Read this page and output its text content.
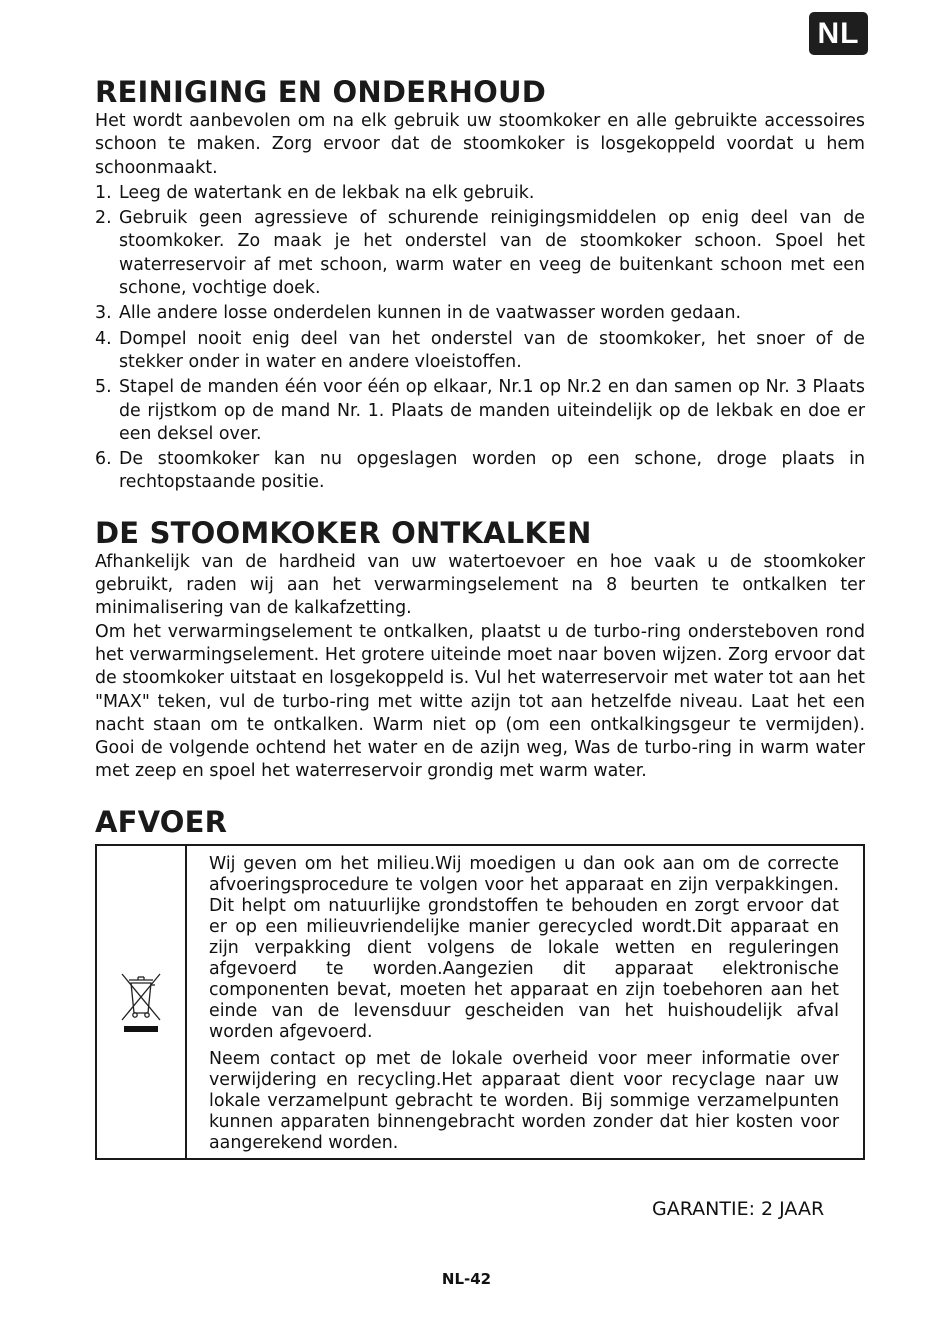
NL
REINIGING EN ONDERHOUD

Het wordt aanbevolen om na elk gebruik uw stoomkoker en alle gebruikte accessoires schoon te maken. Zorg ervoor dat de stoomkoker is losgekoppeld voordat u hem schoonmaakt.

1. Leeg de watertank en de lekbak na elk gebruik.
2. Gebruik geen agressieve of schurende reinigingsmiddelen op enig deel van de stoomkoker. Zo maak je het onderstel van de stoomkoker schoon. Spoel het waterreservoir af met schoon, warm water en veeg de buitenkant schoon met een schone, vochtige doek.
3. Alle andere losse onderdelen kunnen in de vaatwasser worden gedaan.
4. Dompel nooit enig deel van het onderstel van de stoomkoker, het snoer of de stekker onder in water en andere vloeistoffen.
5. Stapel de manden één voor één op elkaar, Nr.1 op Nr.2 en dan samen op Nr. 3 Plaats de rijstkom op de mand Nr. 1. Plaats de manden uiteindelijk op de lekbak en doe er een deksel over.
6. De stoomkoker kan nu opgeslagen worden op een schone, droge plaats in rechtopstaande positie.
DE STOOMKOKER ONTKALKEN

Afhankelijk van de hardheid van uw watertoevoer en hoe vaak u de stoomkoker gebruikt, raden wij aan het verwarmingselement na 8 beurten te ontkalken ter minimalisering van de kalkafzetting.

Om het verwarmingselement te ontkalken, plaatst u de turbo-ring ondersteboven rond het verwarmingselement. Het grotere uiteinde moet naar boven wijzen. Zorg ervoor dat de stoomkoker uitstaat en losgekoppeld is. Vul het waterreservoir met water tot aan het "MAX" teken, vul de turbo-ring met witte azijn tot aan hetzelfde niveau. Laat het een nacht staan om te ontkalken. Warm niet op (om een ontkalkingsgeur te vermijden). Gooi de volgende ochtend het water en de azijn weg, Was de turbo-ring in warm water met zeep en spoel het waterreservoir grondig met warm water.

AFVOER

Wij geven om het milieu.Wij moedigen u dan ook aan om de correcte afvoeringsprocedure te volgen voor het apparaat en zijn verpakkingen. Dit helpt om natuurlijke grondstoffen te behouden en zorgt ervoor dat er op een milieuvriendelijke manier gerecycled wordt.Dit apparaat en zijn verpakking dient volgens de lokale wetten en reguleringen afgevoerd te worden.Aangezien dit apparaat elektronische componenten bevat, moeten het apparaat en zijn toebehoren aan het einde van de levensduur gescheiden van het huishoudelijk afval worden afgevoerd.

Neem contact op met de lokale overheid voor meer informatie over verwijdering en recycling.Het apparaat dient voor recyclage naar uw lokale verzamelpunt gebracht te worden. Bij sommige verzamelpunten kunnen apparaten binnengebracht worden zonder dat hier kosten voor aangerekend worden.

GARANTIE: 2 JAAR
NL-42
